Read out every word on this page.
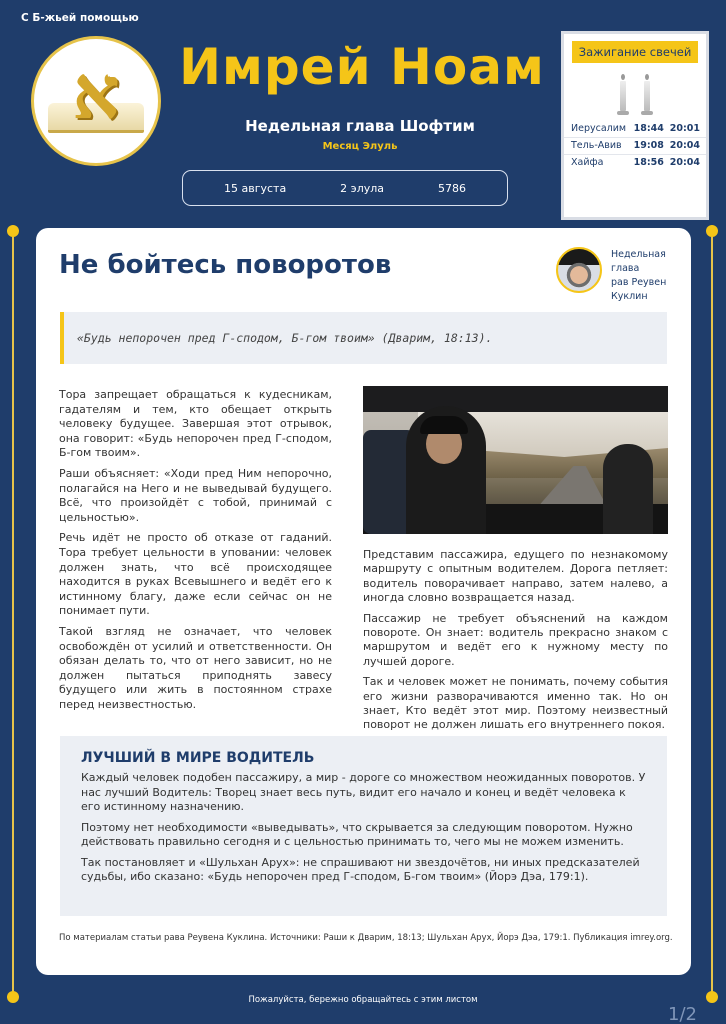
С Б-жьей помощью
א Имрей Ноам
Недельная глава Шофтим
Месяц Элуль
15 августа	2 элула	5786
Зажигание свечей
Иерусалим 18:44 20:01
Тель-Авив	19:08 20:04
Хайфа	18:56 20:04
Не бойтесь поворотов	Недельная глава
рав Реувен Куклин
«Будь непорочен пред Г-сподом, Б-гом твоим» (Дварим, 18:13).

Тора запрещает обращаться к кудесникам, гадателям и тем, кто обещает открыть человеку будущее. Завершая этот отрывок, она говорит: «Будь непорочен пред Г-сподом, Б-гом твоим».

Раши объясняет: «Ходи пред Ним непорочно, полагайся на Него и не выведывай будущего. Всё, что произойдёт с тобой, принимай с цельностью».

Речь идёт не просто об отказе от гаданий. Тора требует цельности в уповании: человек должен знать, что всё происходящее находится в руках Всевышнего и ведёт его к истинному благу, даже если сейчас он не понимает пути.

Такой взгляд не означает, что человек освобождён от усилий и ответственности. Он обязан делать то, что от него зависит, но не должен пытаться приподнять завесу будущего или жить в постоянном страхе перед неизвестностью.

Представим пассажира, едущего по незнакомому маршруту с опытным водителем. Дорога петляет: водитель поворачивает направо, затем налево, а иногда словно возвращается назад.

Пассажир не требует объяснений на каждом повороте. Он знает: водитель прекрасно знаком с маршрутом и ведёт его к нужному месту по лучшей дороге.

Так и человек может не понимать, почему события его жизни разворачиваются именно так. Но он знает, Кто ведёт этот мир. Поэтому неизвестный поворот не должен лишать его внутреннего покоя.

ЛУЧШИЙ В МИРЕ ВОДИТЕЛЬ

Каждый человек подобен пассажиру, а мир - дороге со множеством неожиданных поворотов. У нас лучший Водитель: Творец знает весь путь, видит его начало и конец и ведёт человека к его истинному назначению.

Поэтому нет необходимости «выведывать», что скрывается за следующим поворотом. Нужно действовать правильно сегодня и с цельностью принимать то, чего мы не можем изменить.

Так постановляет и «Шульхан Арух»: не спрашивают ни звездочётов, ни иных предсказателей судьбы, ибо сказано: «Будь непорочен пред Г-сподом, Б-гом твоим» (Йорэ Дэа, 179:1).

По материалам статьи рава Реувена Куклина. Источники: Раши к Дварим, 18:13; Шульхан Арух, Йорэ Дэа, 179:1. Публикация imrey.org.
Пожалуйста, бережно обращайтесь с этим листом
1/2
